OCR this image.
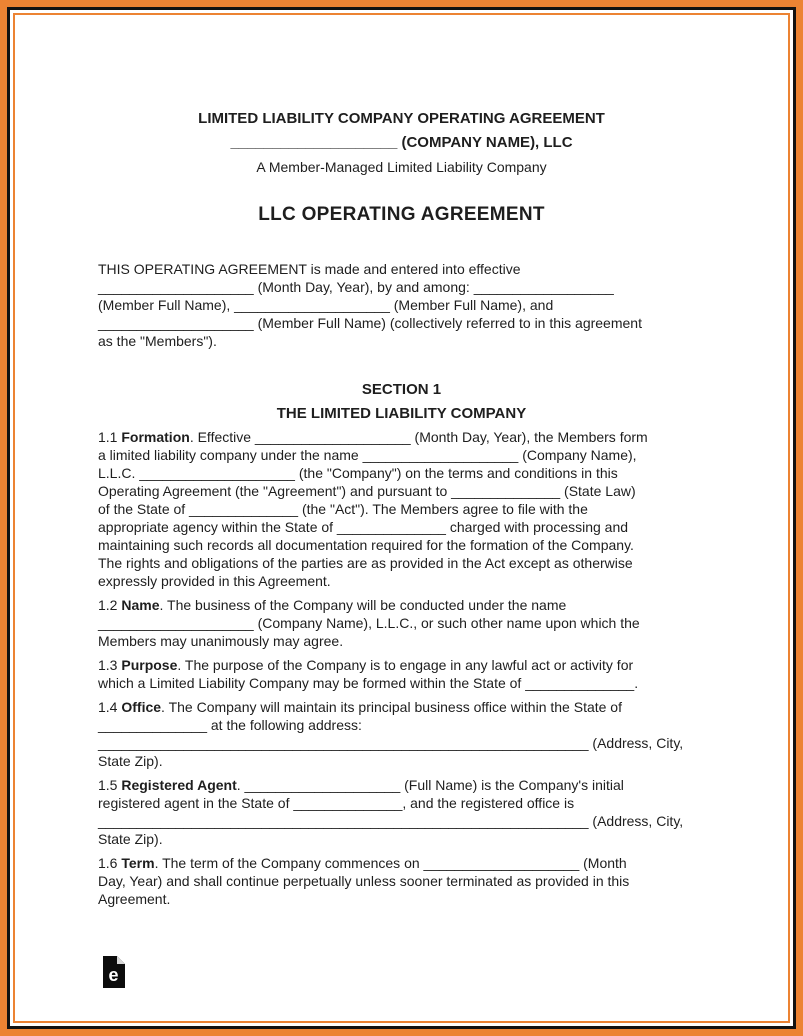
LIMITED LIABILITY COMPANY OPERATING AGREEMENT
____________________ (COMPANY NAME), LLC
A Member-Managed Limited Liability Company
LLC OPERATING AGREEMENT
THIS OPERATING AGREEMENT is made and entered into effective
____________________ (Month Day, Year), by and among: __________________
(Member Full Name), ____________________ (Member Full Name), and
____________________ (Member Full Name) (collectively referred to in this agreement
as the "Members").
SECTION 1
THE LIMITED LIABILITY COMPANY
1.1 Formation. Effective ____________________ (Month Day, Year), the Members form
a limited liability company under the name ____________________ (Company Name),
L.L.C. ____________________ (the "Company") on the terms and conditions in this
Operating Agreement (the "Agreement") and pursuant to ______________ (State Law)
of the State of ______________ (the "Act"). The Members agree to file with the
appropriate agency within the State of ______________ charged with processing and
maintaining such records all documentation required for the formation of the Company.
The rights and obligations of the parties are as provided in the Act except as otherwise
expressly provided in this Agreement.
1.2 Name. The business of the Company will be conducted under the name
____________________ (Company Name), L.L.C., or such other name upon which the
Members may unanimously may agree.
1.3 Purpose. The purpose of the Company is to engage in any lawful act or activity for
which a Limited Liability Company may be formed within the State of ______________.
1.4 Office. The Company will maintain its principal business office within the State of
______________ at the following address:
_______________________________________________________________ (Address, City,
State Zip).
1.5 Registered Agent. ____________________ (Full Name) is the Company's initial
registered agent in the State of ______________, and the registered office is
_______________________________________________________________ (Address, City,
State Zip).
1.6 Term. The term of the Company commences on ____________________ (Month
Day, Year) and shall continue perpetually unless sooner terminated as provided in this
Agreement.
e
